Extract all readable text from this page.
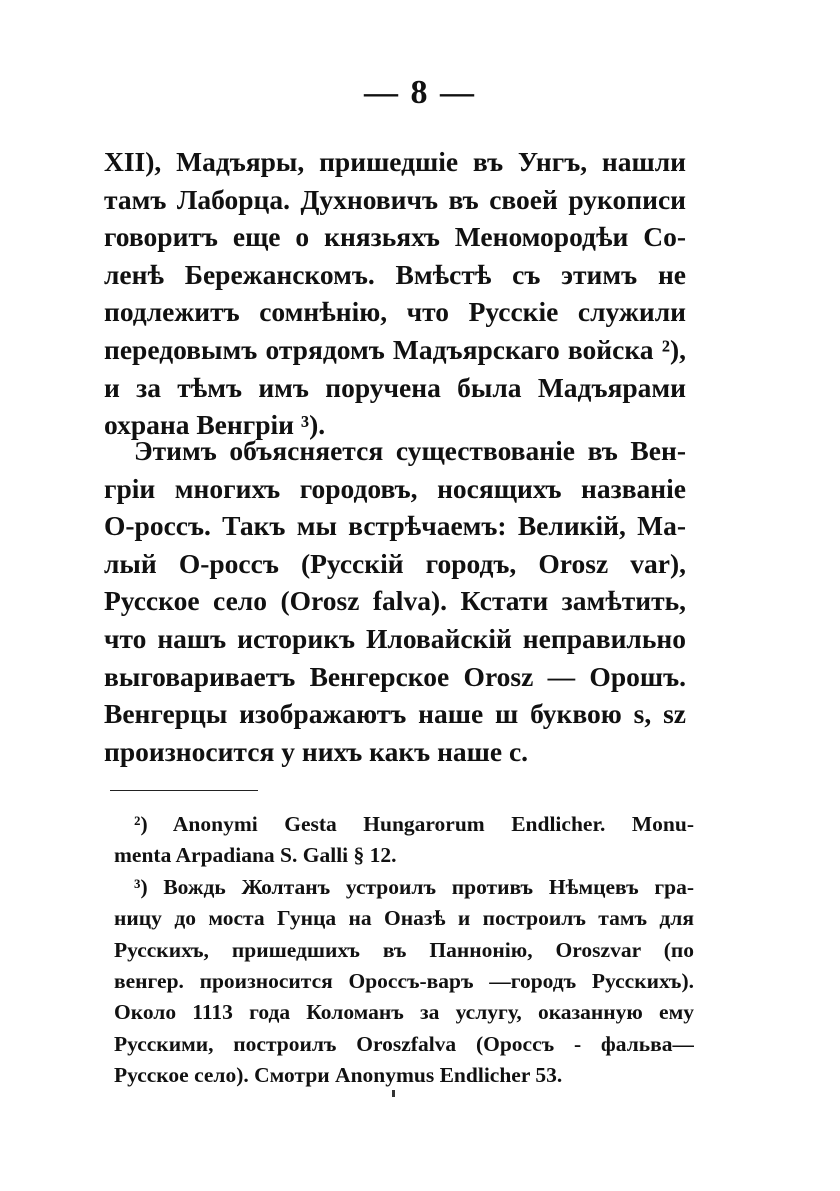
— 8 —
XII), Мадъяры, пришедшіе въ Унгъ, нашли
тамъ Лаборца. Духновичъ въ своей рукописи
говоритъ еще о князьяхъ Меномородѣи Со-
ленѣ Бережанскомъ. Вмѣстѣ съ этимъ не
подлежитъ сомнѣнію, что Русскіе служили
передовымъ отрядомъ Мадъярскаго войска ²),
и за тѣмъ имъ поручена была Мадъярами
охрана Венгріи ³).
Этимъ объясняется существованіе въ Вен-
гріи многихъ городовъ, носящихъ названіе
О-россъ. Такъ мы встрѣчаемъ: Великій, Ма-
лый О-россъ (Русскій городъ, Orosz var),
Русское село (Orosz falva). Кстати замѣтить,
что нашъ историкъ Иловайскій неправильно
выговариваетъ Венгерское Orosz — Орошъ.
Венгерцы изображаютъ наше ш буквою s, sz
произносится у нихъ какъ наше с.
²) Anonymi Gesta Hungarorum Endlicher. Monu-
menta Arpadiana S. Galli § 12.
³) Вождь Жолтанъ устроилъ противъ Нѣмцевъ гра-
ницу до моста Гунца на Оназѣ и построилъ тамъ для
Русскихъ, пришедшихъ въ Паннонію, Oroszvar (по
венгер. произносится Ороссъ-варъ —городъ Русскихъ).
Около 1113 года Коломанъ за услугу, оказанную ему
Русскими, построилъ Oroszfalva (Ороссъ - фальва—
Русское село). Смотри Anonymus Endlicher 53.
